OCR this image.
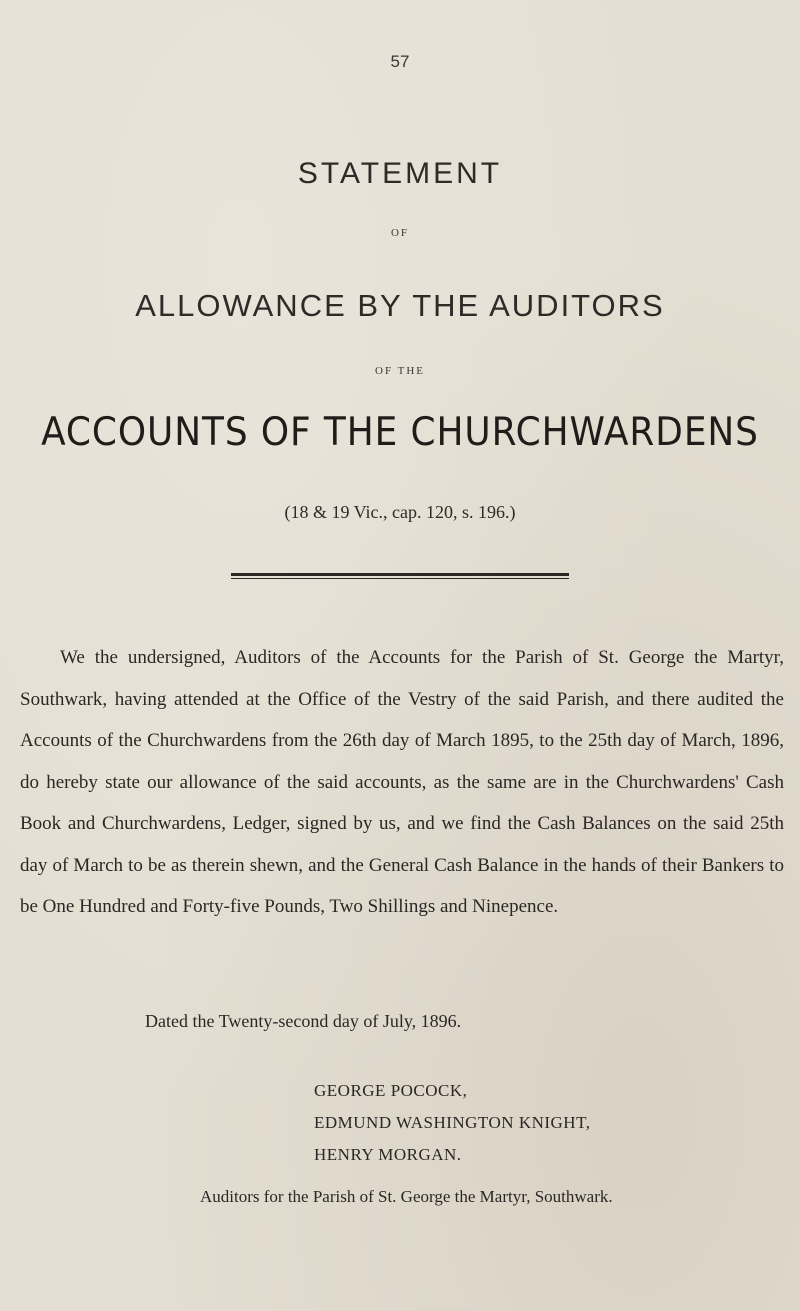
57
STATEMENT
OF
ALLOWANCE BY THE AUDITORS
OF THE
ACCOUNTS OF THE CHURCHWARDENS
(18 & 19 Vic., cap. 120, s. 196.)

We the undersigned, Auditors of the Accounts for the Parish of St. George the Martyr, Southwark, having attended at the Office of the Vestry of the said Parish, and there audited the Accounts of the Churchwardens from the 26th day of March 1895, to the 25th day of March, 1896, do hereby state our allowance of the said accounts, as the same are in the Churchwardens' Cash Book and Churchwardens, Ledger, signed by us, and we find the Cash Balances on the said 25th day of March to be as therein shewn, and the General Cash Balance in the hands of their Bankers to be One Hundred and Forty-five Pounds, Two Shillings and Ninepence.

Dated the Twenty-second day of July, 1896.
GEORGE POCOCK,
EDMUND WASHINGTON KNIGHT,
HENRY MORGAN.
Auditors for the Parish of St. George the Martyr, Southwark.
